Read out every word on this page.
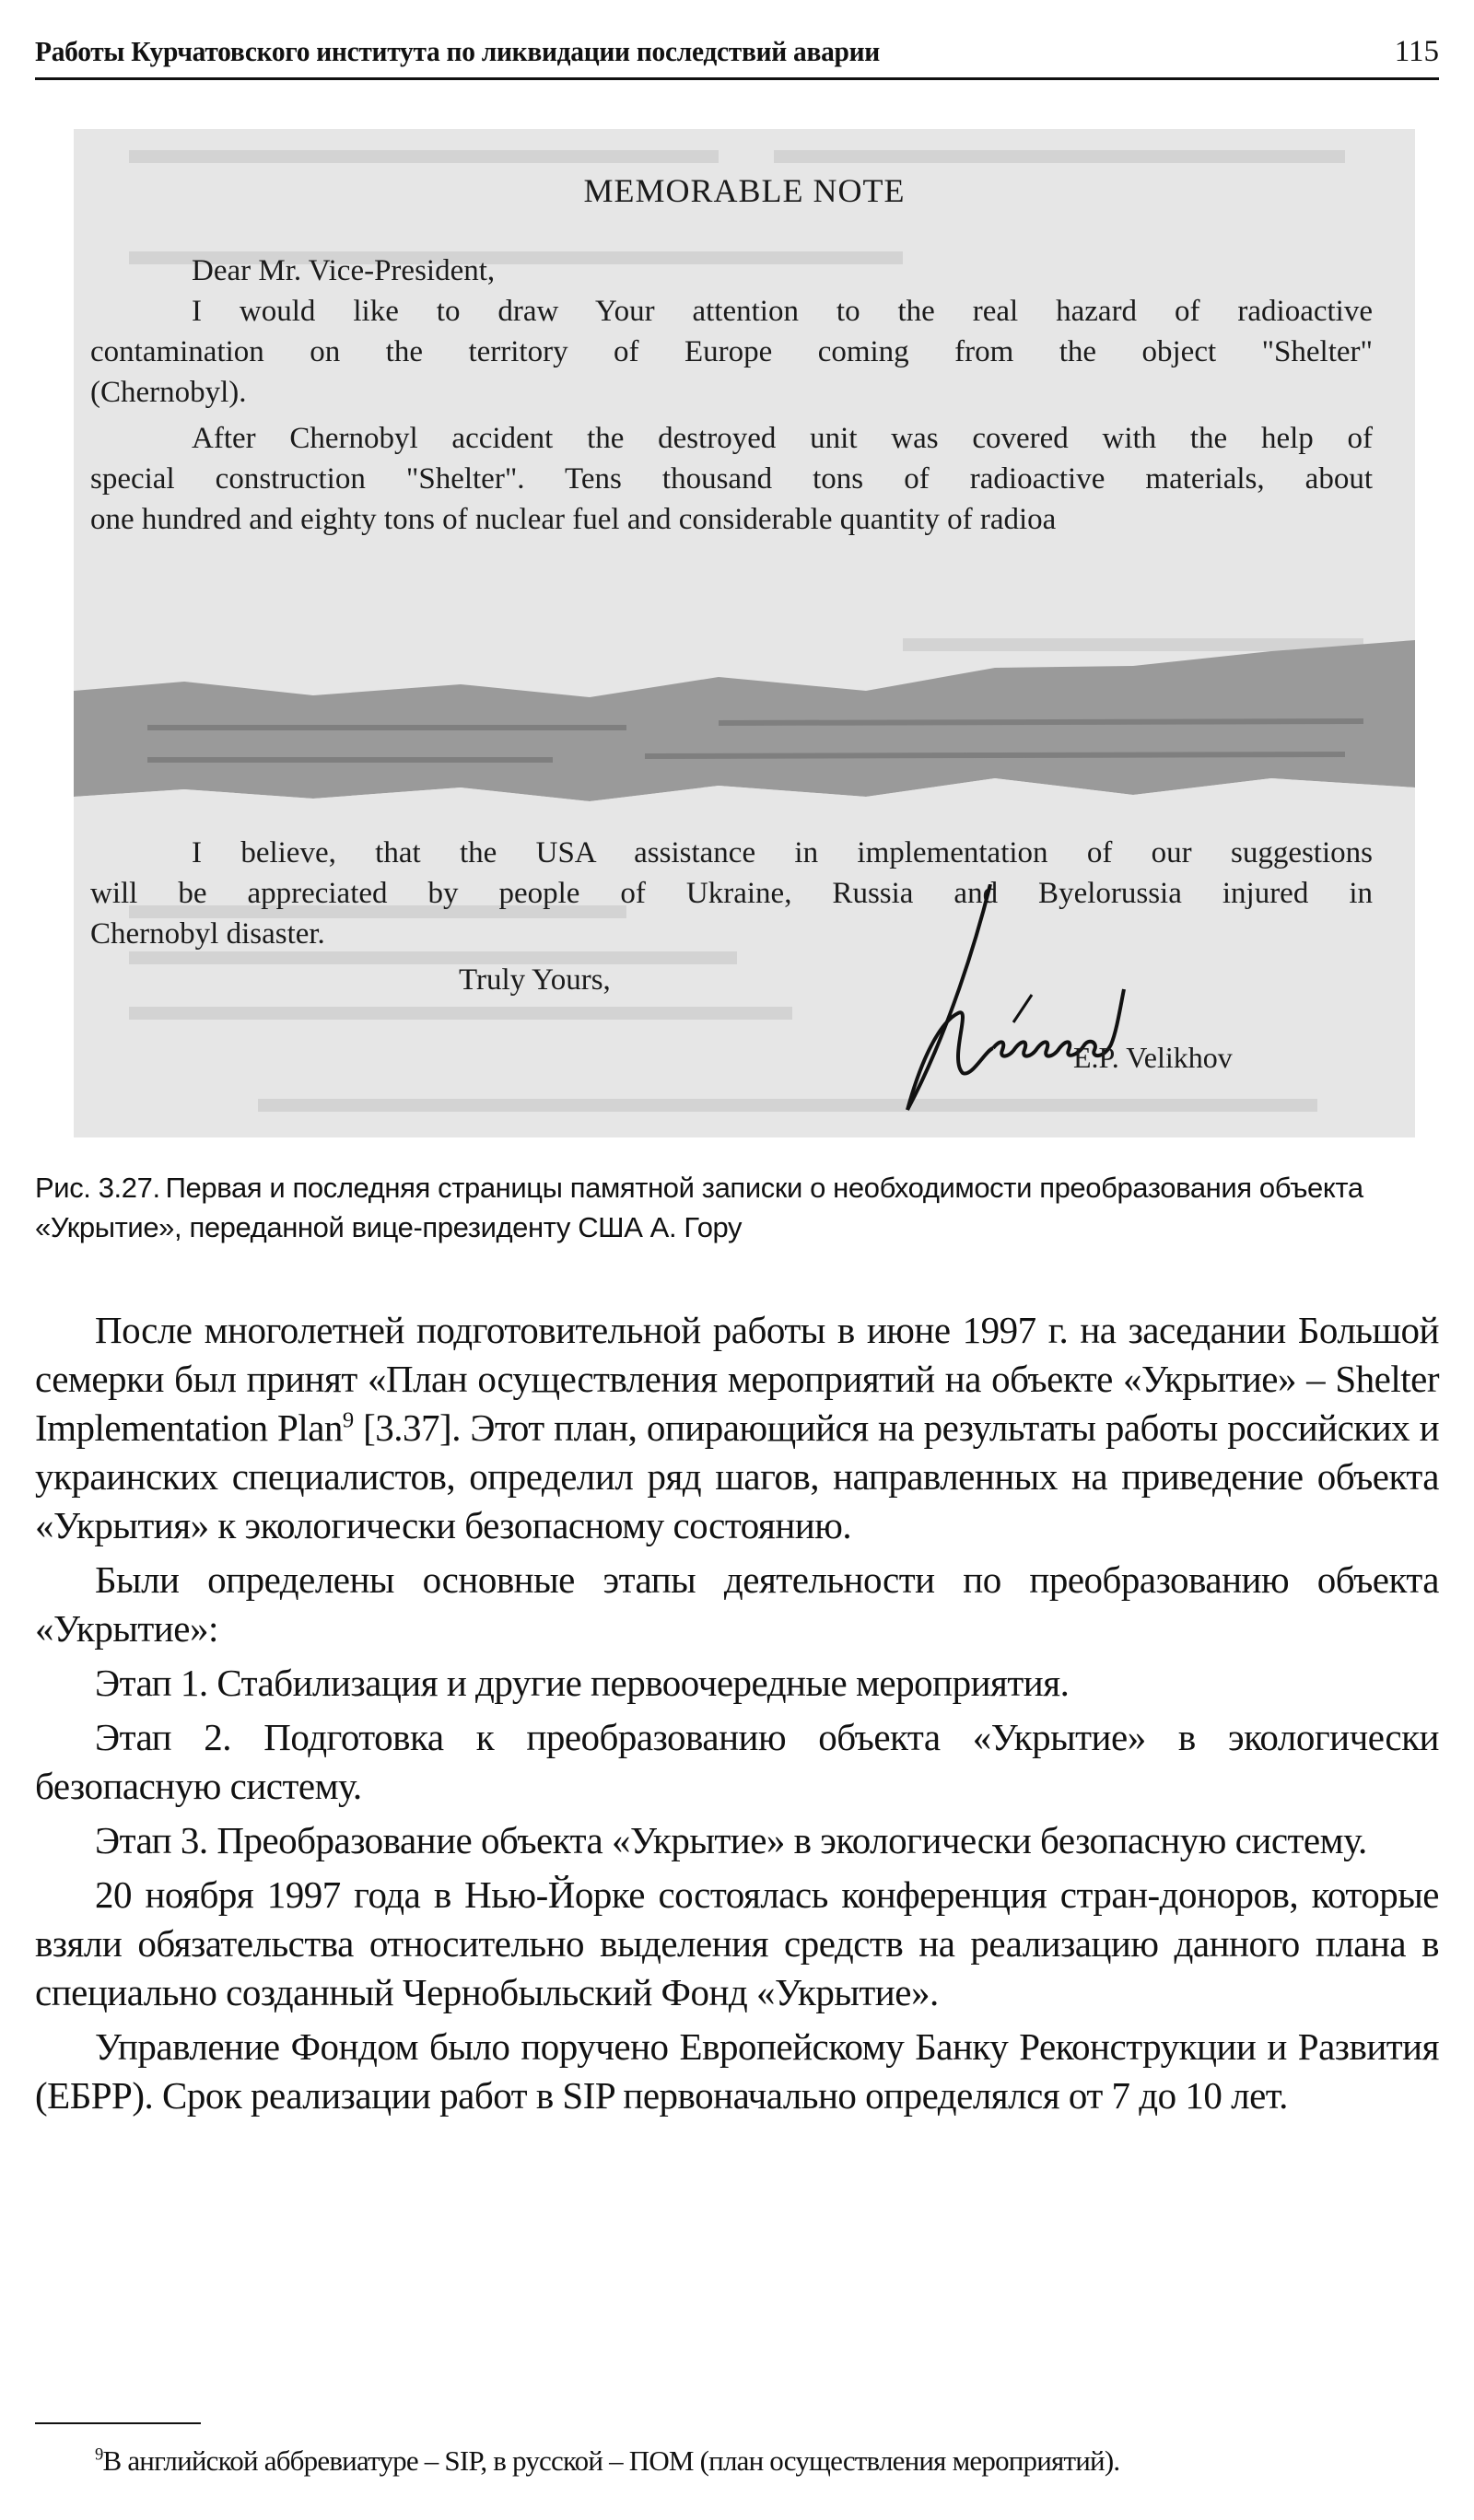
Работы Курчатовского института по ликвидации последствий аварии	115
MEMORABLE NOTE
Dear Mr. Vice-President,
I would like to draw Your attention to the real hazard of radioactive
contamination on the territory of Europe coming from the object "Shelter"
(Chernobyl).
After Chernobyl accident the destroyed unit was covered with the help of
special construction "Shelter". Tens thousand tons of radioactive materials, about
one hundred and eighty tons of nuclear fuel and considerable quantity of radioa
I believe, that the USA assistance in implementation of our suggestions
will be appreciated by people of Ukraine, Russia and Byelorussia injured in
Chernobyl disaster.
Truly Yours,
E.P. Velikhov
Рис. 3.27. Первая и последняя страницы памятной записки о необходимости преобразования объекта «Укрытие», переданной вице-президенту США А. Гору

После многолетней подготовительной работы в июне 1997 г. на заседании Большой семерки был принят «План осуществления мероприятий на объекте «Укрытие» – Shelter Implementation Plan$^9$ [3.37]. Этот план, опирающийся на результаты работы российских и украинских специалистов, определил ряд шагов, направленных на приведение объекта «Укрытия» к экологически безопасному состоянию.

Были определены основные этапы деятельности по преобразованию объекта «Укрытие»:

Этап 1. Стабилизация и другие первоочередные мероприятия.

Этап 2. Подготовка к преобразованию объекта «Укрытие» в экологически безопасную систему.

Этап 3. Преобразование объекта «Укрытие» в экологически безопасную систему.

20 ноября 1997 года в Нью-Йорке состоялась конференция стран-доноров, которые взяли обязательства относительно выделения средств на реализацию данного плана в специально созданный Чернобыльский Фонд «Укрытие».

Управление Фондом было поручено Европейскому Банку Реконструкции и Развития (ЕБРР). Срок реализации работ в SIP первоначально определялся от 7 до 10 лет.

$^9$В английской аббревиатуре – SIP, в русской – ПОМ (план осуществления мероприятий).
